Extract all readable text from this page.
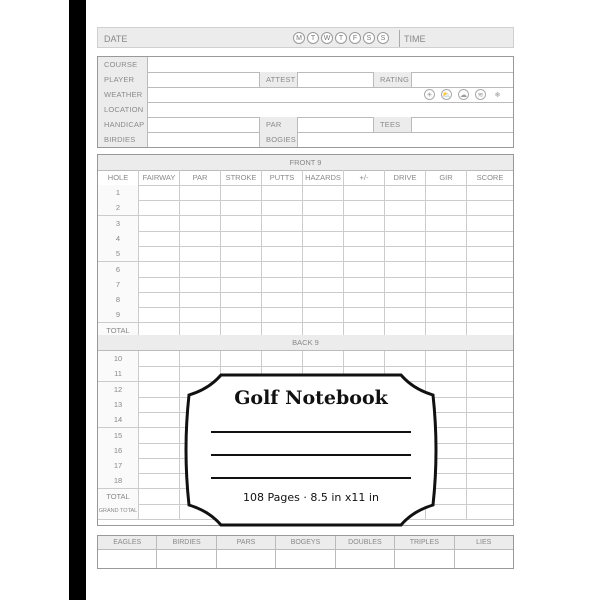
DATE	M	T	W	T	F	S	S	TIME
COURSE
PLAYER	ATTEST	RATING
WEATHER	☀	⛅ ☁	≋	❄
LOCATION
HANDICAP	PAR	TEES
BIRDIES	BOGIES
FRONT 9
HOLE	FAIRWAY	PAR	STROKE	PUTTS	HAZARDS	+/-	DRIVE	GIR	SCORE
1
2
3
4
5
6
7
8
9
TOTAL
BACK 9
10
11
12
13
14
15
16
17
18
TOTAL
GRAND TOTAL
EAGLES	BIRDIES	PARS	BOGEYS	DOUBLES	TRIPLES	LIES
Golf Notebook
108 Pages · 8.5 in x11 in
